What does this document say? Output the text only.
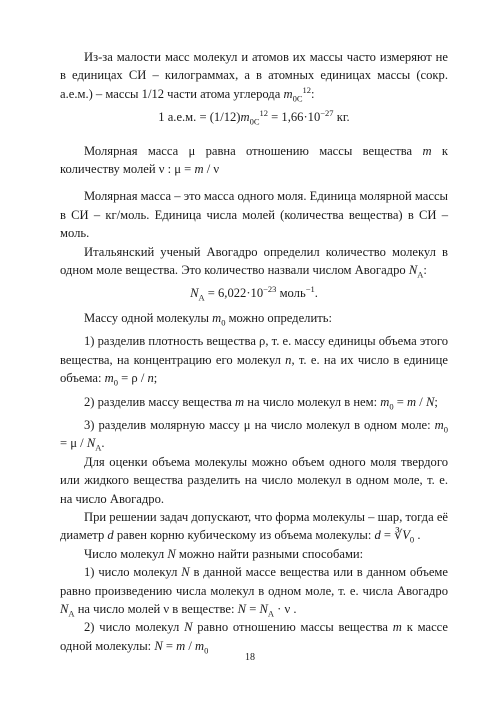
Из-за малости масс молекул и атомов их массы часто измеряют не в единицах СИ – килограммах, а в атомных единицах массы (сокр. а.е.м.) – массы 1/12 части атома углерода $m_{0С}^{12}$:

1 а.е.м. = $(1/12)m_{0С}^{12} = 1,66\cdot 10^{-27}$ кг.

Молярная масса μ равна отношению массы вещества m к количеству молей ν : μ = m / ν

Молярная масса – это масса одного моля. Единица молярной массы в СИ – кг/моль. Единица числа молей (количества вещества) в СИ – моль.

Итальянский ученый Авогадро определил количество молекул в одном моле вещества. Это количество назвали числом Авогадро $N_А$:

$N_А = 6,022\cdot 10^{-23}$ моль$^{-1}$.

Массу одной молекулы $m_0$ можно определить:

1) разделив плотность вещества ρ, т. е. массу единицы объема этого вещества, на концентрацию его молекул n, т. е. на их число в единице объема: $m_0 = \rho / n$;

2) разделив массу вещества m на число молекул в нем: $m_0 = m / N$;

3) разделив молярную массу μ на число молекул в одном моле: $m_0 = \mu / N_А$.

Для оценки объема молекулы можно объем одного моля твердого или жидкого вещества разделить на число молекул в одном моле, т. е. на число Авогадро.

При решении задач допускают, что форма молекулы – шар, тогда её диаметр d равен корню кубическому из объема молекулы: $d = ∛V_0$ .

Число молекул N можно найти разными способами:

1) число молекул N в данной массе вещества или в данном объеме равно произведению числа молекул в одном моле, т. е. числа Авогадро $N_А$ на число молей ν в веществе: $N = N_А \cdot \nu$ .

2) число молекул N равно отношению массы вещества m к массе одной молекулы: $N = m / m_0$

18
